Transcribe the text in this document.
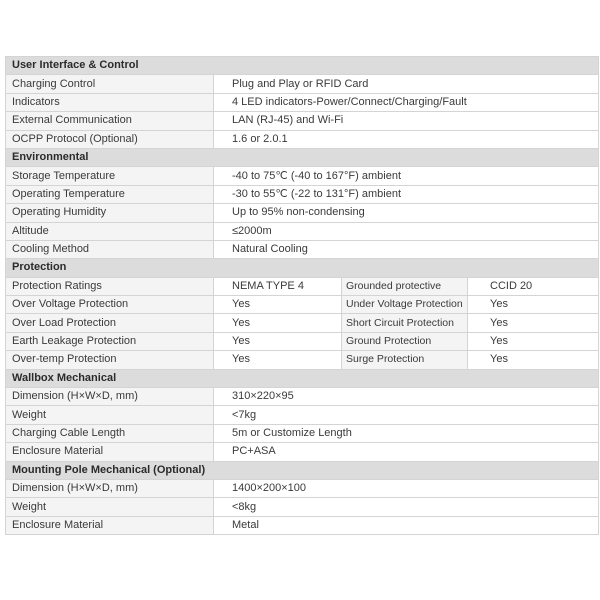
User Interface & Control			
Charging Control	Plug and Play or RFID Card		
Indicators	4 LED indicators-Power/Connect/Charging/Fault		
External Communication	LAN (RJ-45) and Wi-Fi		
OCPP Protocol (Optional)	1.6 or 2.0.1		
Environmental			
Storage Temperature	-40 to 75℃ (-40 to 167°F) ambient		
Operating Temperature	-30 to 55℃ (-22 to 131°F) ambient		
Operating Humidity	Up to 95% non-condensing		
Altitude	≤2000m		
Cooling Method	Natural Cooling		
Protection			
Protection Ratings	NEMA TYPE 4	Grounded protective	CCID 20
Over Voltage Protection	Yes	Under Voltage Protection	Yes
Over Load Protection	Yes	Short Circuit Protection	Yes
Earth Leakage Protection	Yes	Ground Protection	Yes
Over-temp Protection	Yes	Surge Protection	Yes
Wallbox Mechanical			
Dimension (H×W×D, mm)	310×220×95		
Weight	<7kg		
Charging Cable Length	5m or Customize Length		
Enclosure Material	PC+ASA		
Mounting Pole Mechanical (Optional)			
Dimension (H×W×D, mm)	1400×200×100		
Weight	<8kg		
Enclosure Material	Metal		
